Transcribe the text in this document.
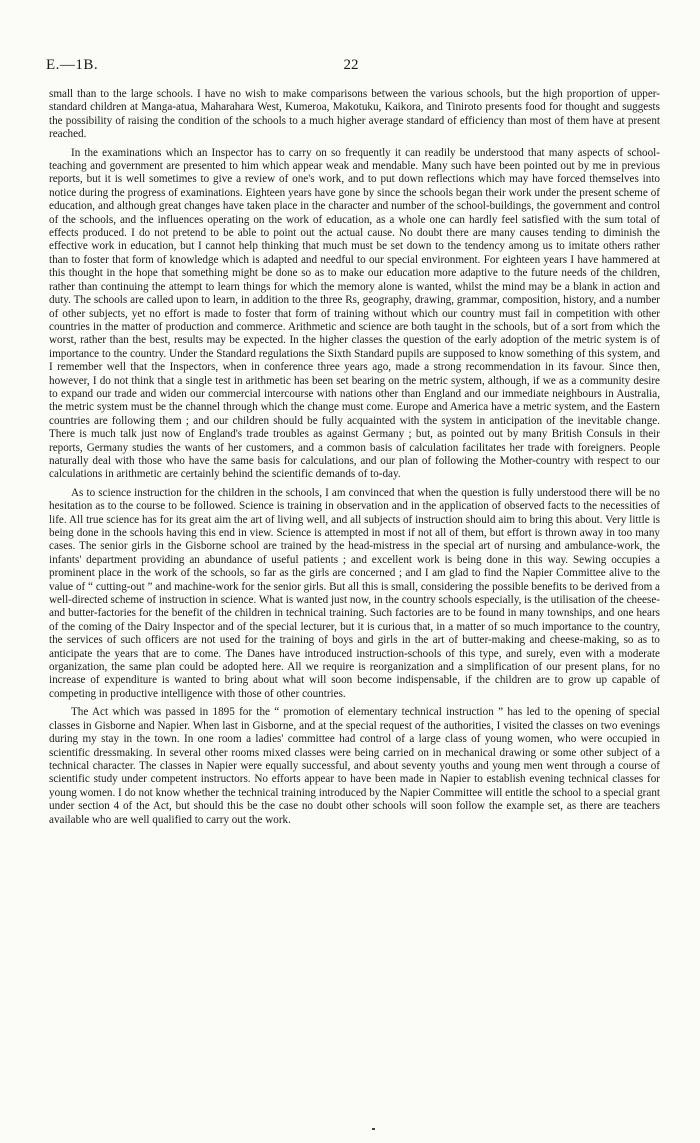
E.—1B.	22

small than to the large schools. I have no wish to make comparisons between the various schools, but the high proportion of upper-standard children at Manga-atua, Maharahara West, Kumeroa, Makotuku, Kaikora, and Tiniroto presents food for thought and suggests the possibility of raising the condition of the schools to a much higher average standard of efficiency than most of them have at present reached.

In the examinations which an Inspector has to carry on so frequently it can readily be understood that many aspects of school-teaching and government are presented to him which appear weak and mendable. Many such have been pointed out by me in previous reports, but it is well sometimes to give a review of one's work, and to put down reflections which may have forced themselves into notice during the progress of examinations. Eighteen years have gone by since the schools began their work under the present scheme of education, and although great changes have taken place in the character and number of the school-buildings, the government and control of the schools, and the influences operating on the work of education, as a whole one can hardly feel satisfied with the sum total of effects produced. I do not pretend to be able to point out the actual cause. No doubt there are many causes tending to diminish the effective work in education, but I cannot help thinking that much must be set down to the tendency among us to imitate others rather than to foster that form of knowledge which is adapted and needful to our special environment. For eighteen years I have hammered at this thought in the hope that something might be done so as to make our education more adaptive to the future needs of the children, rather than continuing the attempt to learn things for which the memory alone is wanted, whilst the mind may be a blank in action and duty. The schools are called upon to learn, in addition to the three Rs, geography, drawing, grammar, composition, history, and a number of other subjects, yet no effort is made to foster that form of training without which our country must fail in competition with other countries in the matter of production and commerce. Arithmetic and science are both taught in the schools, but of a sort from which the worst, rather than the best, results may be expected. In the higher classes the question of the early adoption of the metric system is of importance to the country. Under the Standard regulations the Sixth Standard pupils are supposed to know something of this system, and I remember well that the Inspectors, when in conference three years ago, made a strong recommendation in its favour. Since then, however, I do not think that a single test in arithmetic has been set bearing on the metric system, although, if we as a community desire to expand our trade and widen our commercial intercourse with nations other than England and our immediate neighbours in Australia, the metric system must be the channel through which the change must come. Europe and America have a metric system, and the Eastern countries are following them ; and our children should be fully acquainted with the system in anticipation of the inevitable change. There is much talk just now of England's trade troubles as against Germany ; but, as pointed out by many British Consuls in their reports, Germany studies the wants of her customers, and a common basis of calculation facilitates her trade with foreigners. People naturally deal with those who have the same basis for calculations, and our plan of following the Mother-country with respect to our calculations in arithmetic are certainly behind the scientific demands of to-day.

As to science instruction for the children in the schools, I am convinced that when the question is fully understood there will be no hesitation as to the course to be followed. Science is training in observation and in the application of observed facts to the necessities of life. All true science has for its great aim the art of living well, and all subjects of instruction should aim to bring this about. Very little is being done in the schools having this end in view. Science is attempted in most if not all of them, but effort is thrown away in too many cases. The senior girls in the Gisborne school are trained by the head-mistress in the special art of nursing and ambulance-work, the infants' department providing an abundance of useful patients ; and excellent work is being done in this way. Sewing occupies a prominent place in the work of the schools, so far as the girls are concerned ; and I am glad to find the Napier Committee alive to the value of “ cutting-out ” and machine-work for the senior girls. But all this is small, considering the possible benefits to be derived from a well-directed scheme of instruction in science. What is wanted just now, in the country schools especially, is the utilisation of the cheese- and butter-factories for the benefit of the children in technical training. Such factories are to be found in many townships, and one hears of the coming of the Dairy Inspector and of the special lecturer, but it is curious that, in a matter of so much importance to the country, the services of such officers are not used for the training of boys and girls in the art of butter-making and cheese-making, so as to anticipate the years that are to come. The Danes have introduced instruction-schools of this type, and surely, even with a moderate organization, the same plan could be adopted here. All we require is reorganization and a simplification of our present plans, for no increase of expenditure is wanted to bring about what will soon become indispensable, if the children are to grow up capable of competing in productive intelligence with those of other countries.

The Act which was passed in 1895 for the “ promotion of elementary technical instruction ” has led to the opening of special classes in Gisborne and Napier. When last in Gisborne, and at the special request of the authorities, I visited the classes on two evenings during my stay in the town. In one room a ladies' committee had control of a large class of young women, who were occupied in scientific dressmaking. In several other rooms mixed classes were being carried on in mechanical drawing or some other subject of a technical character. The classes in Napier were equally successful, and about seventy youths and young men went through a course of scientific study under competent instructors. No efforts appear to have been made in Napier to establish evening technical classes for young women. I do not know whether the technical training introduced by the Napier Committee will entitle the school to a special grant under section 4 of the Act, but should this be the case no doubt other schools will soon follow the example set, as there are teachers available who are well qualified to carry out the work.
